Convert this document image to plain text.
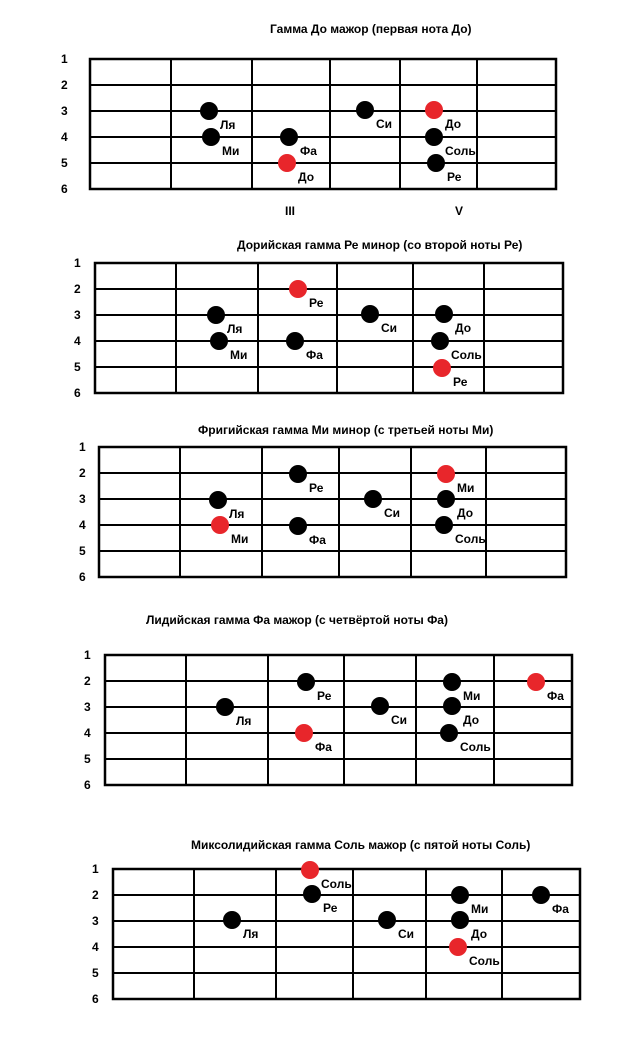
Гамма До мажор (первая нота До)
1
2
3
4
5
6
Ля
Ми	Фа
До
Си	До
Соль
Ре
III	V
Дорийская гамма Ре минор (со второй ноты Ре)
1
2
3
4
5
6
Ре
Ля
Ми	Фа
Си	До
Соль
Ре
Фригийская гамма Ми минор (с третьей ноты Ми)
1
2
3
4
5
6
Ре
Ля
Ми	Фа
Си
Ми
До
Соль
Лидийская гамма Фа мажор (с четвёртой ноты Фа)
1
2
3
4
5
6
Ля
Ре
Фа
Си
Ми
До
Соль
Фа
Миксолидийская гамма Соль мажор (с пятой ноты Соль)
1
2
3
4
5
6
Соль
Ре
Ля	Си
Ми
До
Соль
Фа
